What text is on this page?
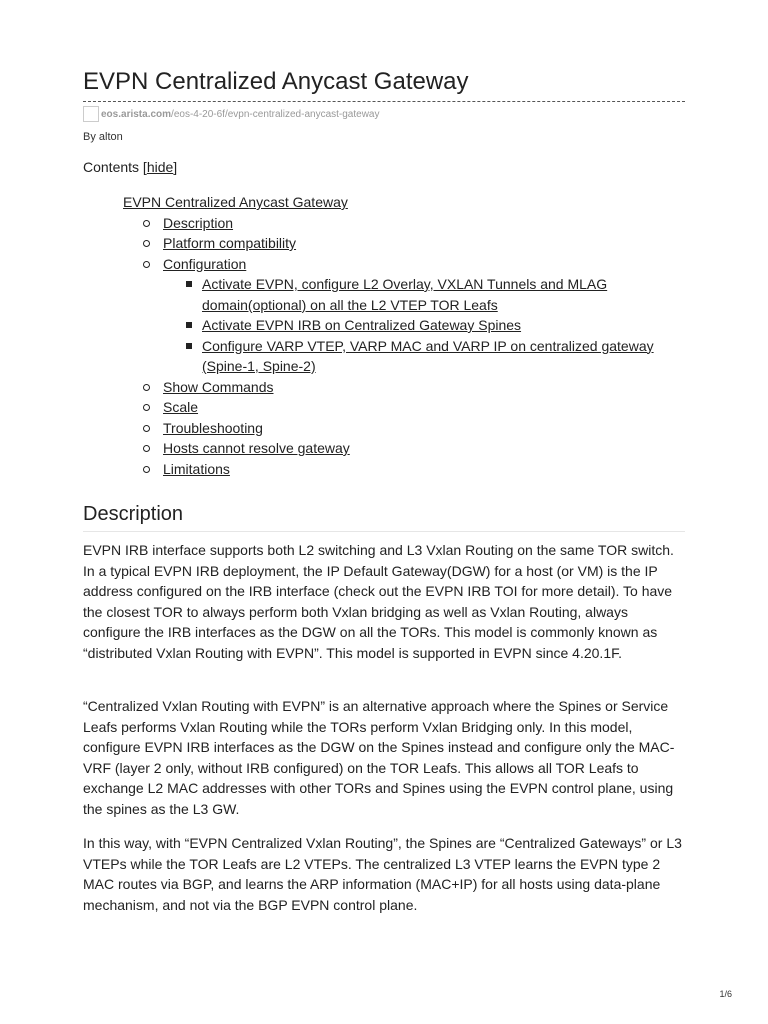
EVPN Centralized Anycast Gateway
eos.arista.com /eos-4-20-6f/evpn-centralized-anycast-gateway
By alton
Contents [hide]
EVPN Centralized Anycast Gateway
Description
Platform compatibility
Configuration
Activate EVPN, configure L2 Overlay, VXLAN Tunnels and MLAG domain(optional) on all the L2 VTEP TOR Leafs
Activate EVPN IRB on Centralized Gateway Spines
Configure VARP VTEP, VARP MAC and VARP IP on centralized gateway (Spine-1, Spine-2)
Show Commands
Scale
Troubleshooting
Hosts cannot resolve gateway
Limitations
Description

EVPN IRB interface supports both L2 switching and L3 Vxlan Routing on the same TOR switch. In a typical EVPN IRB deployment, the IP Default Gateway(DGW) for a host (or VM) is the IP address configured on the IRB interface (check out the EVPN IRB TOI for more detail). To have the closest TOR to always perform both Vxlan bridging as well as Vxlan Routing, always configure the IRB interfaces as the DGW on all the TORs. This model is commonly known as “distributed Vxlan Routing with EVPN”. This model is supported in EVPN since 4.20.1F.

“Centralized Vxlan Routing with EVPN” is an alternative approach where the Spines or Service Leafs performs Vxlan Routing while the TORs perform Vxlan Bridging only. In this model, configure EVPN IRB interfaces as the DGW on the Spines instead and configure only the MAC-VRF (layer 2 only, without IRB configured) on the TOR Leafs. This allows all TOR Leafs to exchange L2 MAC addresses with other TORs and Spines using the EVPN control plane, using the spines as the L3 GW.

In this way, with “EVPN Centralized Vxlan Routing”, the Spines are “Centralized Gateways” or L3 VTEPs while the TOR Leafs are L2 VTEPs. The centralized L3 VTEP learns the EVPN type 2 MAC routes via BGP, and learns the ARP information (MAC+IP) for all hosts using data-plane mechanism, and not via the BGP EVPN control plane.

1/6
